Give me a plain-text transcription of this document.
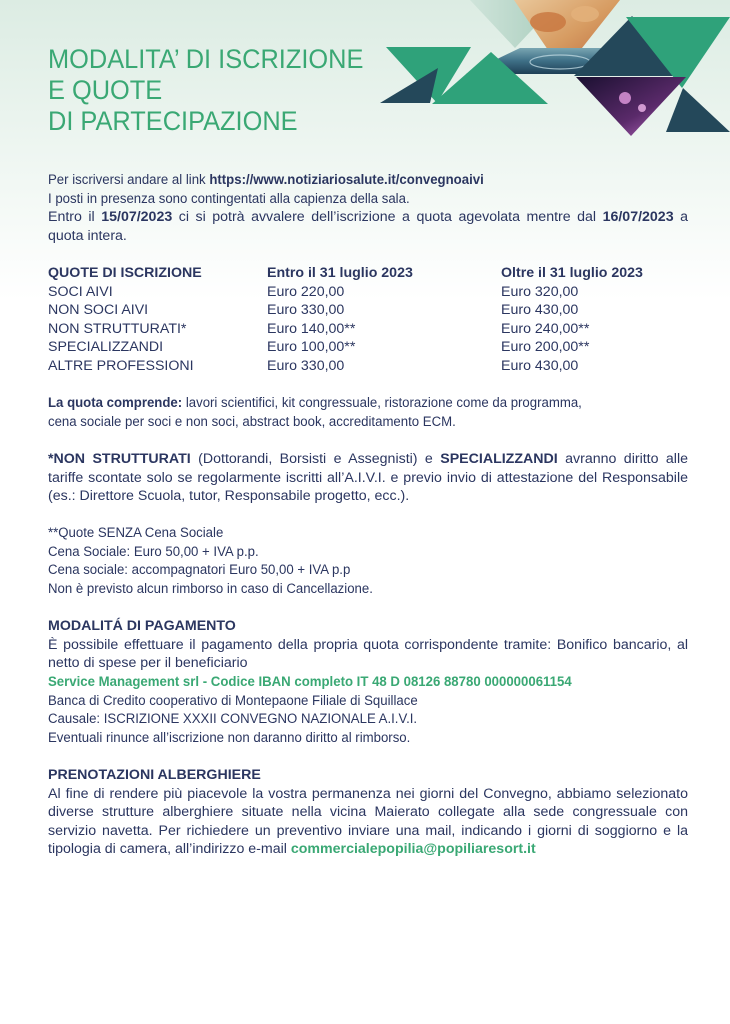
MODALITA’ DI ISCRIZIONE
E QUOTE
DI PARTECIPAZIONE

Per iscriversi andare al link https://www.notiziariosalute.it/convegnoaivi

I posti in presenza sono contingentati alla capienza della sala.

Entro il 15/07/2023 ci si potrà avvalere dell’iscrizione a quota agevolata mentre dal 16/07/2023 a quota intera.

QUOTE DI ISCRIZIONE	Entro il 31 luglio 2023	Oltre il 31 luglio 2023
SOCI AIVI	Euro 220,00	Euro 320,00
NON SOCI AIVI	Euro 330,00	Euro 430,00
NON STRUTTURATI*	Euro 140,00**	Euro 240,00**
SPECIALIZZANDI	Euro 100,00**	Euro 200,00**
ALTRE PROFESSIONI	Euro 330,00	Euro 430,00

La quota comprende: lavori scientifici, kit congressuale, ristorazione come da programma,

cena sociale per soci e non soci, abstract book, accreditamento ECM.

*NON STRUTTURATI (Dottorandi, Borsisti e Assegnisti) e SPECIALIZZANDI avranno diritto alle tariffe scontate solo se regolarmente iscritti all’A.I.V.I. e previo invio di attestazione del Responsabile (es.: Direttore Scuola, tutor, Responsabile progetto, ecc.).

**Quote SENZA Cena Sociale

Cena Sociale: Euro 50,00 + IVA p.p.

Cena sociale: accompagnatori Euro 50,00 + IVA p.p

Non è previsto alcun rimborso in caso di Cancellazione.

MODALITÁ DI PAGAMENTO

È possibile effettuare il pagamento della propria quota corrispondente tramite: Bonifico bancario, al netto di spese per il beneficiario

Service Management srl - Codice IBAN completo IT 48 D 08126 88780 000000061154

Banca di Credito cooperativo di Montepaone Filiale di Squillace

Causale: ISCRIZIONE XXXII CONVEGNO NAZIONALE A.I.V.I.

Eventuali rinunce all’iscrizione non daranno diritto al rimborso.

PRENOTAZIONI ALBERGHIERE

Al fine di rendere più piacevole la vostra permanenza nei giorni del Convegno, abbiamo selezionato diverse strutture alberghiere situate nella vicina Maierato collegate alla sede congressuale con servizio navetta. Per richiedere un preventivo inviare una mail, indicando i giorni di soggiorno e la tipologia di camera, all’indirizzo e-mail commercialepopilia@popiliaresort.it
